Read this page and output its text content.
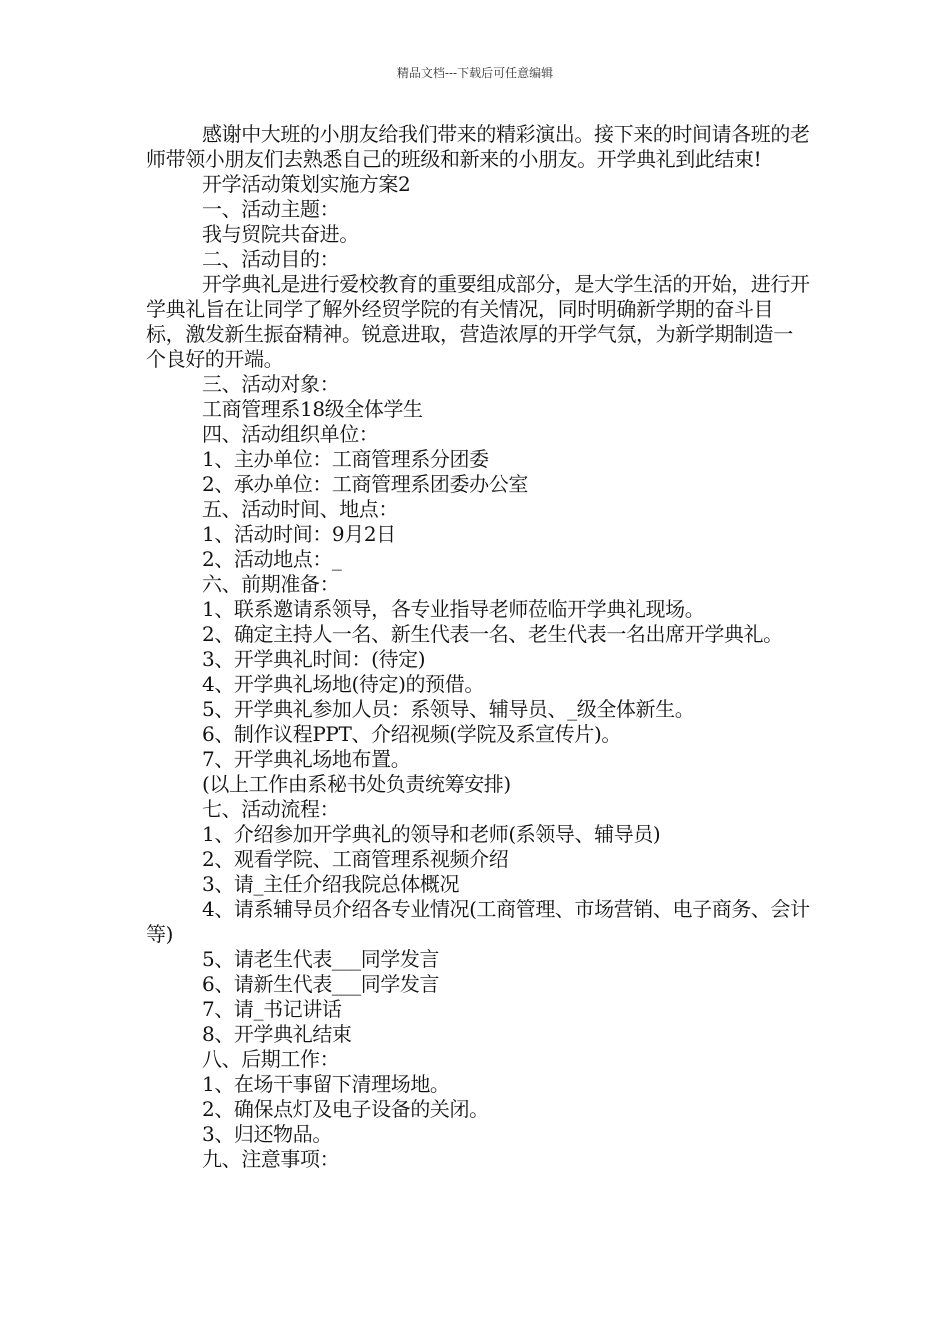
精品文档---下载后可任意编辑

感谢中大班的小朋友给我们带来的精彩演出。接下来的时间请各班的老师带领小朋友们去熟悉自己的班级和新来的小朋友。开学典礼到此结束!

开学活动策划实施方案2

一、活动主题：

我与贸院共奋进。

二、活动目的：

开学典礼是进行爱校教育的重要组成部分，是大学生活的开始，进行开学典礼旨在让同学了解外经贸学院的有关情况，同时明确新学期的奋斗目标，激发新生振奋精神。锐意进取，营造浓厚的开学气氛，为新学期制造一个良好的开端。

三、活动对象：

工商管理系18级全体学生

四、活动组织单位：

1、主办单位：工商管理系分团委

2、承办单位：工商管理系团委办公室

五、活动时间、地点：

1、活动时间：9月2日

2、活动地点：_

六、前期准备：

1、联系邀请系领导，各专业指导老师莅临开学典礼现场。

2、确定主持人一名、新生代表一名、老生代表一名出席开学典礼。

3、开学典礼时间：(待定)

4、开学典礼场地(待定)的预借。

5、开学典礼参加人员：系领导、辅导员、_级全体新生。

6、制作议程PPT、介绍视频(学院及系宣传片)。

7、开学典礼场地布置。

(以上工作由系秘书处负责统筹安排)

七、活动流程：

1、介绍参加开学典礼的领导和老师(系领导、辅导员)

2、观看学院、工商管理系视频介绍

3、请_主任介绍我院总体概况

4、请系辅导员介绍各专业情况(工商管理、市场营销、电子商务、会计等)

5、请老生代表___同学发言

6、请新生代表___同学发言

7、请_书记讲话

8、开学典礼结束

八、后期工作：

1、在场干事留下清理场地。

2、确保点灯及电子设备的关闭。

3、归还物品。

九、注意事项：
